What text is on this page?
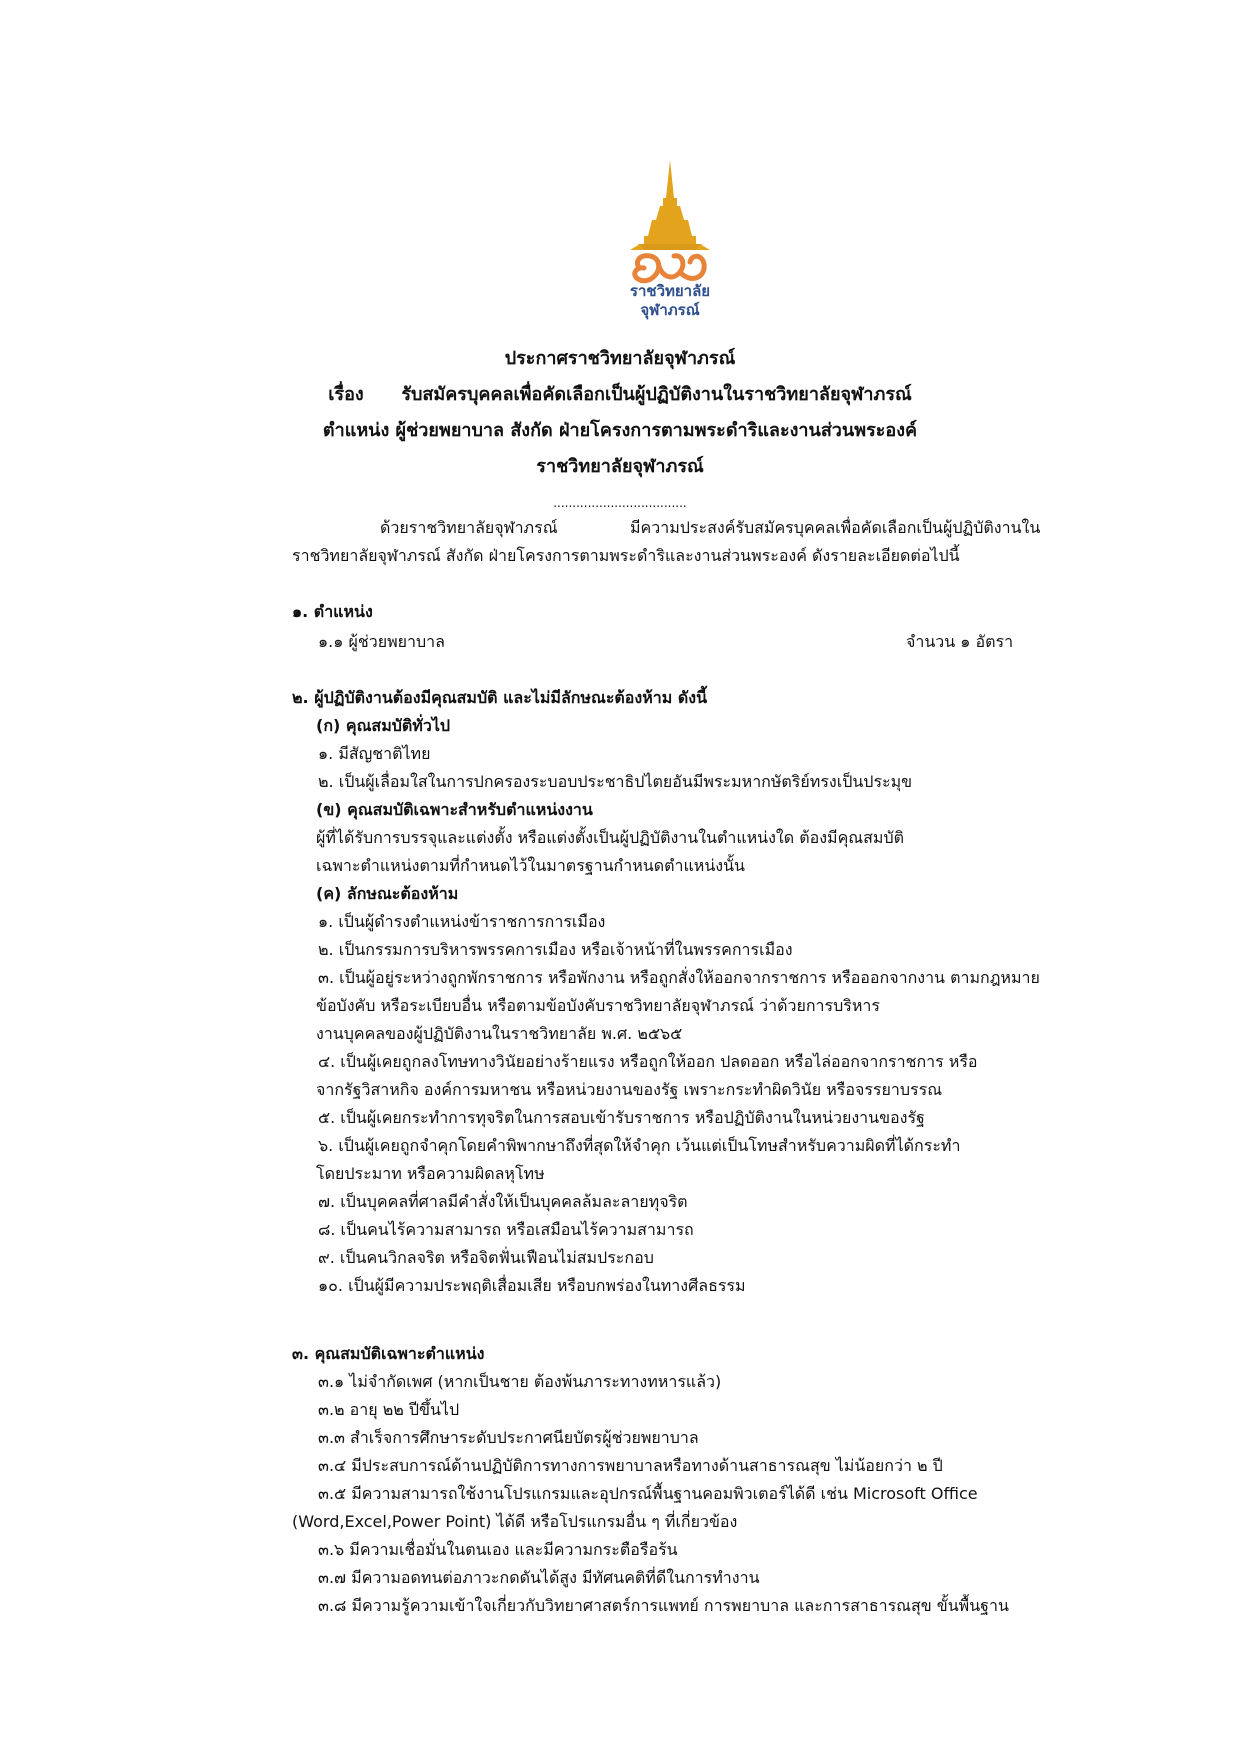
ราชวิทยาลัย
จุฬาภรณ์
ประกาศราชวิทยาลัยจุฬาภรณ์
เรื่อง รับสมัครบุคคลเพื่อคัดเลือกเป็นผู้ปฏิบัติงานในราชวิทยาลัยจุฬาภรณ์
ตำแหน่ง ผู้ช่วยพยาบาล สังกัด ฝ่ายโครงการตามพระดำริและงานส่วนพระองค์
ราชวิทยาลัยจุฬาภรณ์
...................................
ด้วยราชวิทยาลัยจุฬาภรณ์	มีความประสงค์รับสมัครบุคคลเพื่อคัดเลือกเป็นผู้ปฏิบัติงานใน
ราชวิทยาลัยจุฬาภรณ์ สังกัด ฝ่ายโครงการตามพระดำริและงานส่วนพระองค์ ดังรายละเอียดต่อไปนี้
๑. ตำแหน่ง
๑.๑ ผู้ช่วยพยาบาล	จำนวน ๑ อัตรา
๒. ผู้ปฏิบัติงานต้องมีคุณสมบัติ และไม่มีลักษณะต้องห้าม ดังนี้
(ก) คุณสมบัติทั่วไป
๑. มีสัญชาติไทย
๒. เป็นผู้เลื่อมใสในการปกครองระบอบประชาธิปไตยอันมีพระมหากษัตริย์ทรงเป็นประมุข
(ข) คุณสมบัติเฉพาะสำหรับตำแหน่งงาน
ผู้ที่ได้รับการบรรจุและแต่งตั้ง หรือแต่งตั้งเป็นผู้ปฏิบัติงานในตำแหน่งใด ต้องมีคุณสมบัติ
เฉพาะตำแหน่งตามที่กำหนดไว้ในมาตรฐานกำหนดตำแหน่งนั้น
(ค) ลักษณะต้องห้าม
๑. เป็นผู้ดำรงตำแหน่งข้าราชการการเมือง
๒. เป็นกรรมการบริหารพรรคการเมือง หรือเจ้าหน้าที่ในพรรคการเมือง
๓. เป็นผู้อยู่ระหว่างถูกพักราชการ หรือพักงาน หรือถูกสั่งให้ออกจากราชการ หรือออกจากงาน ตามกฎหมาย
ข้อบังคับ หรือระเบียบอื่น หรือตามข้อบังคับราชวิทยาลัยจุฬาภรณ์ ว่าด้วยการบริหาร
งานบุคคลของผู้ปฏิบัติงานในราชวิทยาลัย พ.ศ. ๒๕๖๕
๔. เป็นผู้เคยถูกลงโทษทางวินัยอย่างร้ายแรง หรือถูกให้ออก ปลดออก หรือไล่ออกจากราชการ หรือ
จากรัฐวิสาหกิจ องค์การมหาชน หรือหน่วยงานของรัฐ เพราะกระทำผิดวินัย หรือจรรยาบรรณ
๕. เป็นผู้เคยกระทำการทุจริตในการสอบเข้ารับราชการ หรือปฏิบัติงานในหน่วยงานของรัฐ
๖. เป็นผู้เคยถูกจำคุกโดยคำพิพากษาถึงที่สุดให้จำคุก เว้นแต่เป็นโทษสำหรับความผิดที่ได้กระทำ
โดยประมาท หรือความผิดลหุโทษ
๗. เป็นบุคคลที่ศาลมีคำสั่งให้เป็นบุคคลล้มละลายทุจริต
๘. เป็นคนไร้ความสามารถ หรือเสมือนไร้ความสามารถ
๙. เป็นคนวิกลจริต หรือจิตฟั่นเฟือนไม่สมประกอบ
๑๐. เป็นผู้มีความประพฤติเสื่อมเสีย หรือบกพร่องในทางศีลธรรม
๓. คุณสมบัติเฉพาะตำแหน่ง
๓.๑ ไม่จำกัดเพศ (หากเป็นชาย ต้องพ้นภาระทางทหารแล้ว)
๓.๒ อายุ ๒๒ ปีขึ้นไป
๓.๓ สำเร็จการศึกษาระดับประกาศนียบัตรผู้ช่วยพยาบาล
๓.๔ มีประสบการณ์ด้านปฏิบัติการทางการพยาบาลหรือทางด้านสาธารณสุข ไม่น้อยกว่า ๒ ปี
๓.๕ มีความสามารถใช้งานโปรแกรมและอุปกรณ์พื้นฐานคอมพิวเตอร์ได้ดี เช่น Microsoft Office
(Word,Excel,Power Point) ได้ดี หรือโปรแกรมอื่น ๆ ที่เกี่ยวข้อง
๓.๖ มีความเชื่อมั่นในตนเอง และมีความกระตือรือร้น
๓.๗ มีความอดทนต่อภาวะกดดันได้สูง มีทัศนคติที่ดีในการทำงาน
๓.๘ มีความรู้ความเข้าใจเกี่ยวกับวิทยาศาสตร์การแพทย์ การพยาบาล และการสาธารณสุข ขั้นพื้นฐาน
